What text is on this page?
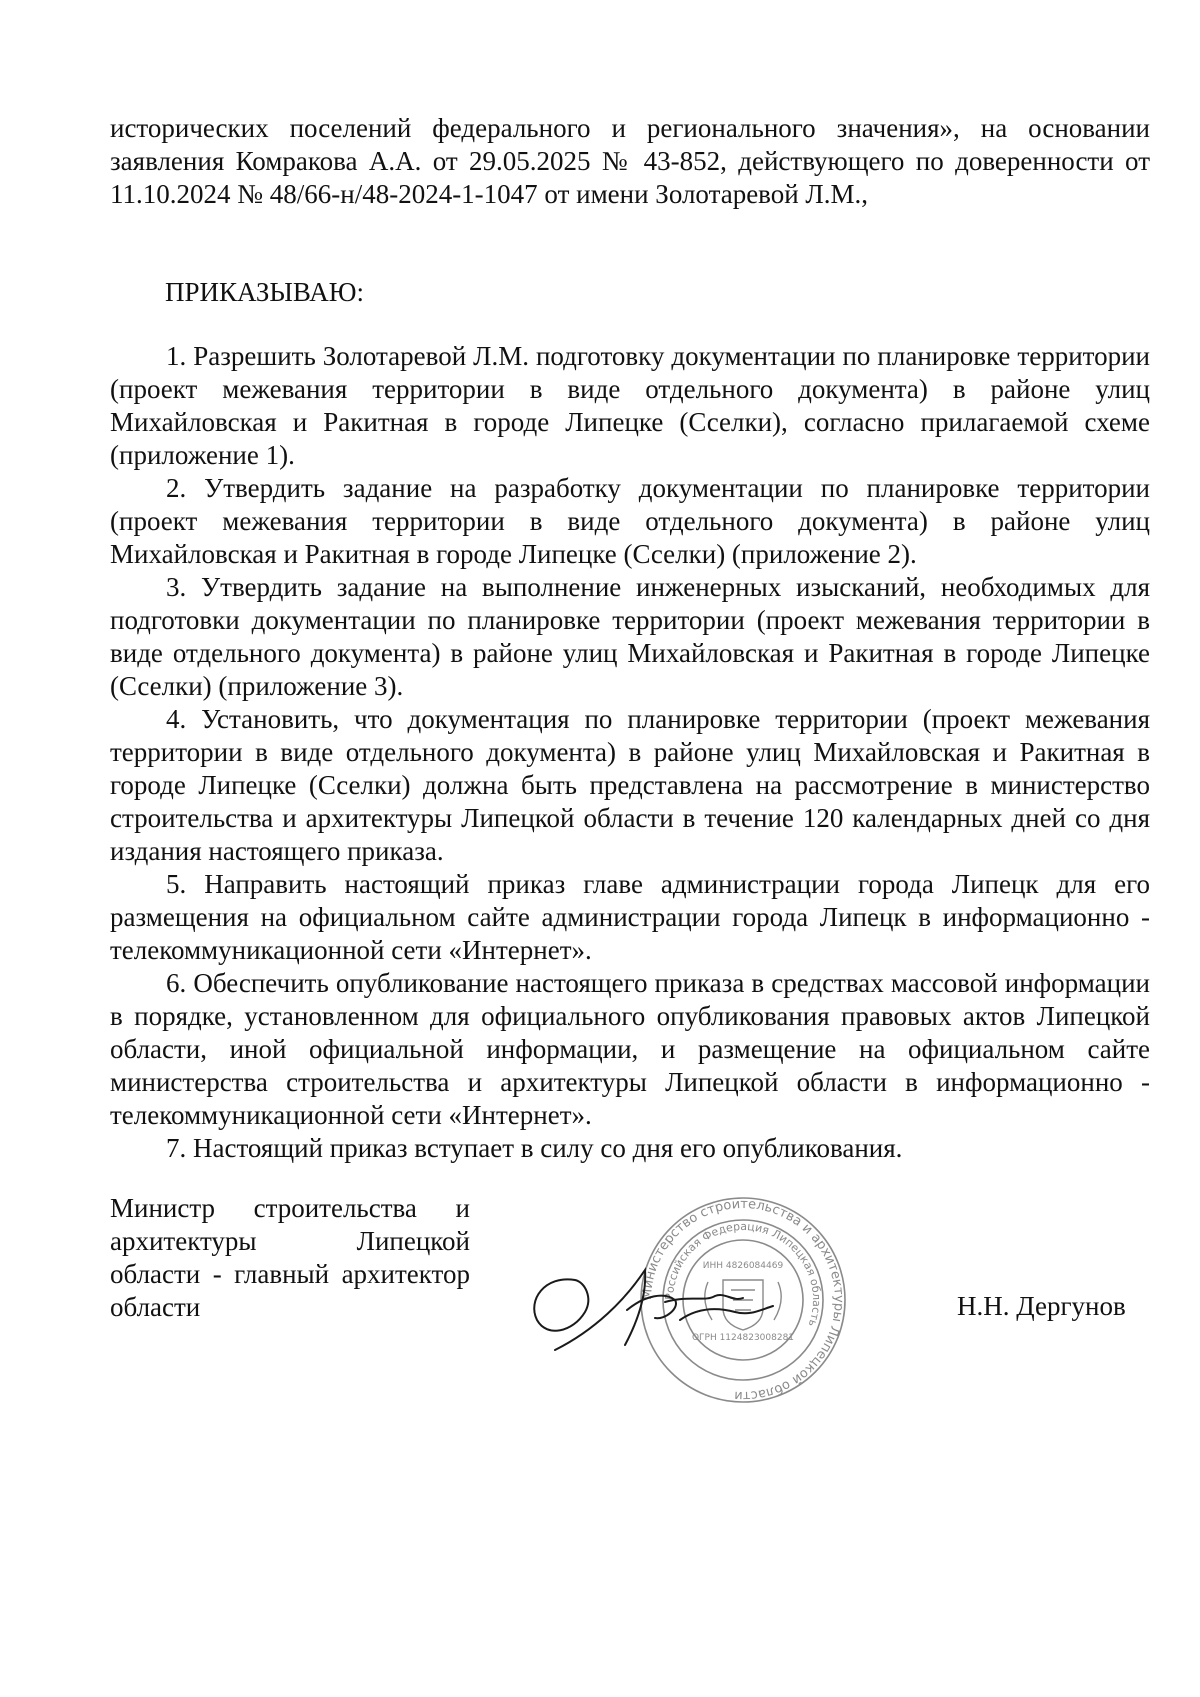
исторических поселений федерального и регионального значения», на основании заявления Комракова А.А. от 29.05.2025 № 43-852, действующего по доверенности от 11.10.2024 № 48/66-н/48-2024-1-1047 от имени Золотаревой Л.М.,

ПРИКАЗЫВАЮ:

1. Разрешить Золотаревой Л.М. подготовку документации по планировке территории (проект межевания территории в виде отдельного документа) в районе улиц Михайловская и Ракитная в городе Липецке (Сселки), согласно прилагаемой схеме (приложение 1).

2. Утвердить задание на разработку документации по планировке территории (проект межевания территории в виде отдельного документа) в районе улиц Михайловская и Ракитная в городе Липецке (Сселки) (приложение 2).

3. Утвердить задание на выполнение инженерных изысканий, необходимых для подготовки документации по планировке территории (проект межевания территории в виде отдельного документа) в районе улиц Михайловская и Ракитная в городе Липецке (Сселки) (приложение 3).

4. Установить, что документация по планировке территории (проект межевания территории в виде отдельного документа) в районе улиц Михайловская и Ракитная в городе Липецке (Сселки) должна быть представлена на рассмотрение в министерство строительства и архитектуры Липецкой области в течение 120 календарных дней со дня издания настоящего приказа.

5. Направить настоящий приказ главе администрации города Липецк для его размещения на официальном сайте администрации города Липецк в информационно - телекоммуникационной сети «Интернет».

6. Обеспечить опубликование настоящего приказа в средствах массовой информации в порядке, установленном для официального опубликования правовых актов Липецкой области, иной официальной информации, и размещение на официальном сайте министерства строительства и архитектуры Липецкой области в информационно - телекоммуникационной сети «Интернет».

7. Настоящий приказ вступает в силу со дня его опубликования.

Министр строительства и архитектуры Липецкой области - главный архитектор области	Министерство строительства и архитектуры Липецкой области
Российская Федерация Липецкая область
ИНН 4826084469
ОГРН 1124823008281
Н.Н. Дергунов
